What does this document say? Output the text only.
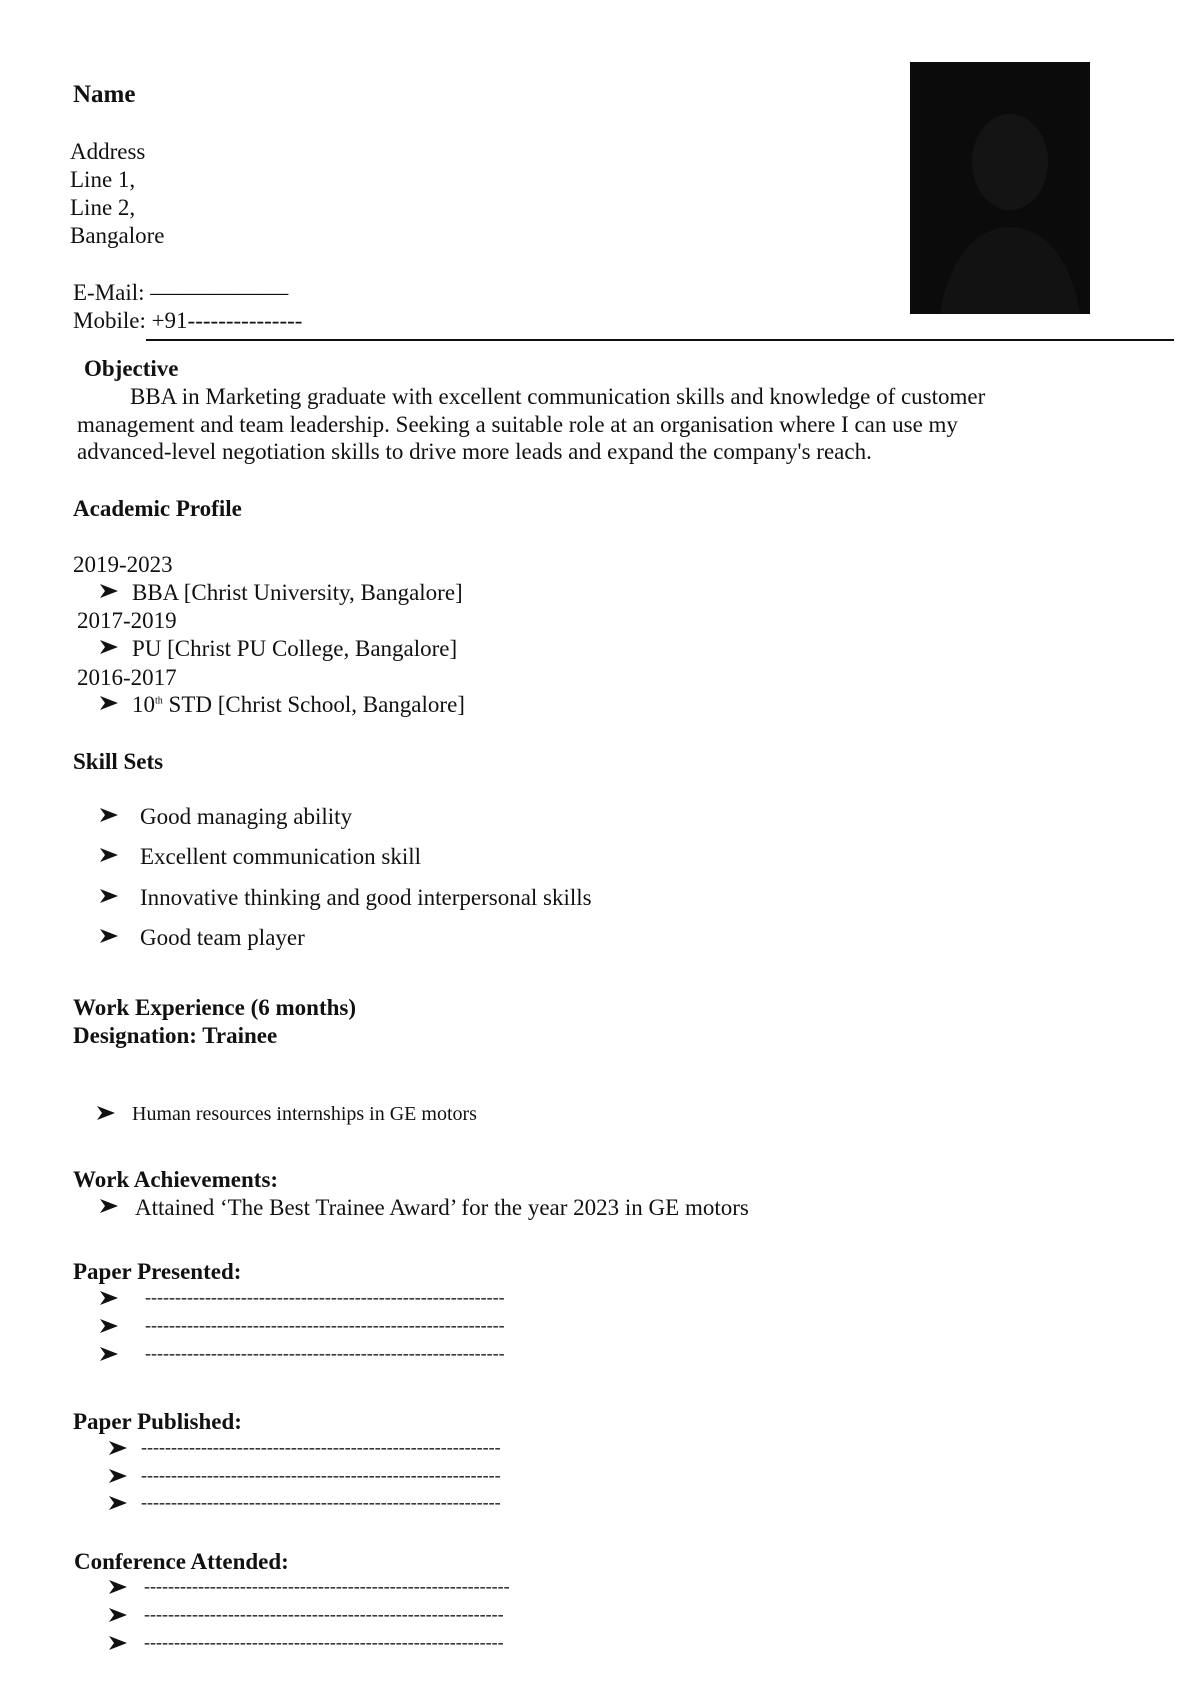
Name
Address
Line 1,
Line 2,
Bangalore
E-Mail: ––––––––––––
Mobile: +91---------------
Objective
BBA in Marketing graduate with excellent communication skills and knowledge of customer
management and team leadership. Seeking a suitable role at an organisation where I can use my
advanced-level negotiation skills to drive more leads and expand the company's reach.
Academic Profile
2019-2023
BBA [Christ University, Bangalore]
2017-2019
PU [Christ PU College, Bangalore]
2016-2017
10th STD [Christ School, Bangalore]
Skill Sets
Good managing ability
Excellent communication skill
Innovative thinking and good interpersonal skills
Good team player
Work Experience (6 months)
Designation: Trainee
Human resources internships in GE motors
Work Achievements:
Attained ‘The Best Trainee Award’ for the year 2023 in GE motors
Paper Presented:
------------------------------------------------------------
------------------------------------------------------------
------------------------------------------------------------
Paper Published:
------------------------------------------------------------
------------------------------------------------------------
------------------------------------------------------------
Conference Attended:
-------------------------------------------------------------
------------------------------------------------------------
------------------------------------------------------------
